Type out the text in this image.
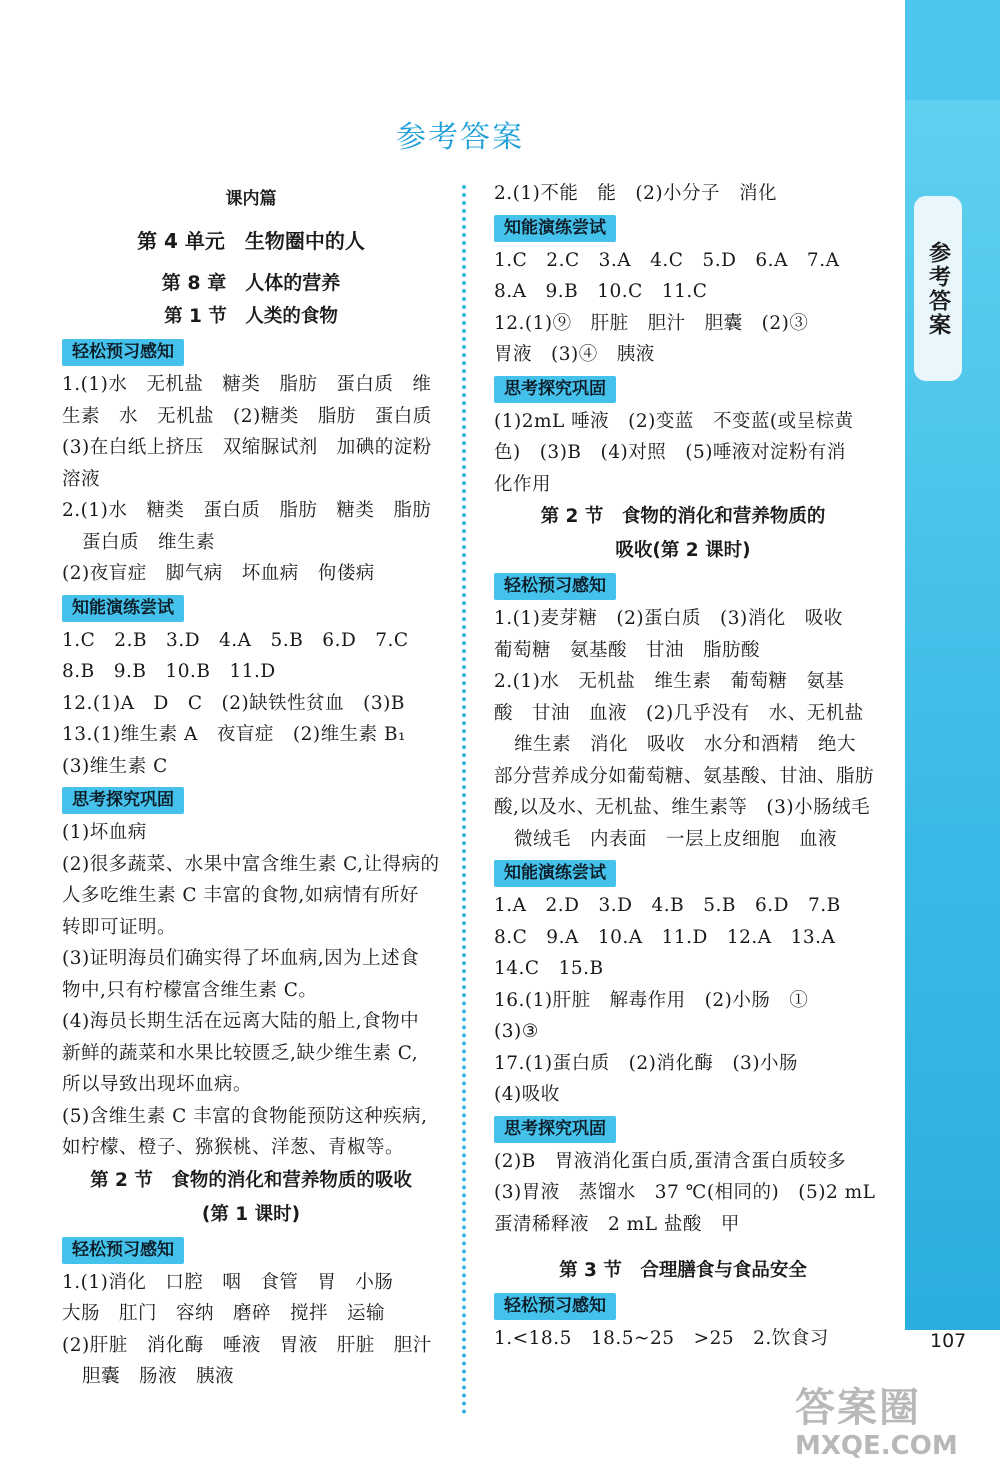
参考答案
参考答案
课内篇
第 4 单元　生物圈中的人
第 8 章　人体的营养
第 1 节　人类的食物
轻松预习感知
1.(1)水　无机盐　糖类　脂肪　蛋白质　维
生素　水　无机盐　(2)糖类　脂肪　蛋白质
(3)在白纸上挤压　双缩脲试剂　加碘的淀粉
溶液
2.(1)水　糖类　蛋白质　脂肪　糖类　脂肪
蛋白质　维生素
(2)夜盲症　脚气病　坏血病　佝偻病
知能演练尝试
1.C　2.B　3.D　4.A　5.B　6.D　7.C
8.B　9.B　10.B　11.D
12.(1)A　D　C　(2)缺铁性贫血　(3)B
13.(1)维生素 A　夜盲症　(2)维生素 B₁
(3)维生素 C
思考探究巩固
(1)坏血病
(2)很多蔬菜、水果中富含维生素 C,让得病的
人多吃维生素 C 丰富的食物,如病情有所好
转即可证明。
(3)证明海员们确实得了坏血病,因为上述食
物中,只有柠檬富含维生素 C。
(4)海员长期生活在远离大陆的船上,食物中
新鲜的蔬菜和水果比较匮乏,缺少维生素 C,
所以导致出现坏血病。
(5)含维生素 C 丰富的食物能预防这种疾病,
如柠檬、橙子、猕猴桃、洋葱、青椒等。
第 2 节　食物的消化和营养物质的吸收
(第 1 课时)
轻松预习感知
1.(1)消化　口腔　咽　食管　胃　小肠
大肠　肛门　容纳　磨碎　搅拌　运输
(2)肝脏　消化酶　唾液　胃液　肝脏　胆汁
胆囊　肠液　胰液
2.(1)不能　能　(2)小分子　消化
知能演练尝试
1.C　2.C　3.A　4.C　5.D　6.A　7.A
8.A　9.B　10.C　11.C
12.(1)⑨　肝脏　胆汁　胆囊　(2)③
胃液　(3)④　胰液
思考探究巩固
(1)2mL 唾液　(2)变蓝　不变蓝(或呈棕黄
色)　(3)B　(4)对照　(5)唾液对淀粉有消
化作用
第 2 节　食物的消化和营养物质的
吸收(第 2 课时)
轻松预习感知
1.(1)麦芽糖　(2)蛋白质　(3)消化　吸收
葡萄糖　氨基酸　甘油　脂肪酸
2.(1)水　无机盐　维生素　葡萄糖　氨基
酸　甘油　血液　(2)几乎没有　水、无机盐
维生素　消化　吸收　水分和酒精　绝大
部分营养成分如葡萄糖、氨基酸、甘油、脂肪
酸,以及水、无机盐、维生素等　(3)小肠绒毛
微绒毛　内表面　一层上皮细胞　血液
知能演练尝试
1.A　2.D　3.D　4.B　5.B　6.D　7.B
8.C　9.A　10.A　11.D　12.A　13.A
14.C　15.B
16.(1)肝脏　解毒作用　(2)小肠　①
(3)③
17.(1)蛋白质　(2)消化酶　(3)小肠
(4)吸收
思考探究巩固
(2)B　胃液消化蛋白质,蛋清含蛋白质较多
(3)胃液　蒸馏水　37 ℃(相同的)　(5)2 mL
蛋清稀释液　2 mL 盐酸　甲
第 3 节　合理膳食与食品安全
轻松预习感知
1.<18.5　18.5~25　>25　2.饮食习	107
答案圈
MXQE.COM
